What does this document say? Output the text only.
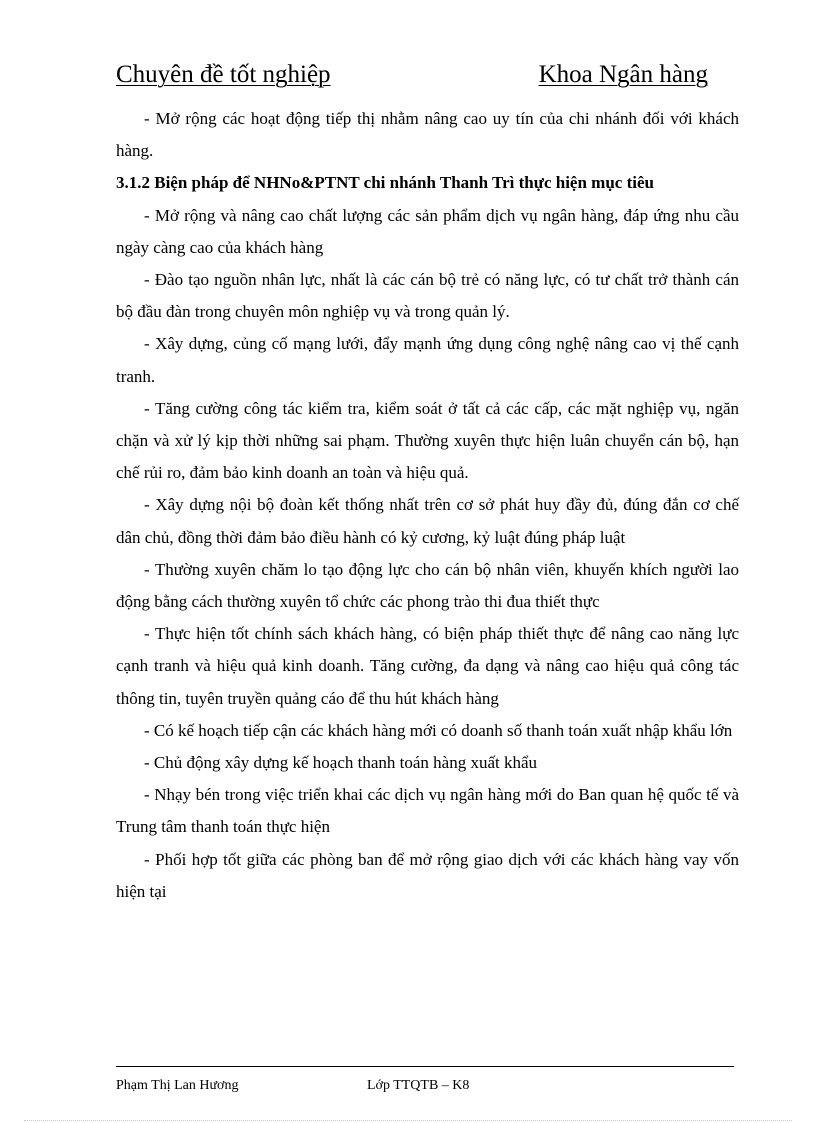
Chuyên đề tốt nghiệp	Khoa Ngân hàng

- Mở rộng các hoạt động tiếp thị nhằm nâng cao uy tín của chi nhánh đối với khách hàng.

3.1.2 Biện pháp để NHNo&PTNT chi nhánh Thanh Trì thực hiện mục tiêu

- Mở rộng và nâng cao chất lượng các sản phẩm dịch vụ ngân hàng, đáp ứng nhu cầu ngày càng cao của khách hàng

- Đào tạo nguồn nhân lực, nhất là các cán bộ trẻ có năng lực, có tư chất trở thành cán bộ đầu đàn trong chuyên môn nghiệp vụ và trong quản lý.

- Xây dựng, củng cố mạng lưới, đẩy mạnh ứng dụng công nghệ nâng cao vị thế cạnh tranh.

- Tăng cường công tác kiểm tra, kiểm soát ở tất cả các cấp, các mặt nghiệp vụ, ngăn chặn và xử lý kịp thời những sai phạm. Thường xuyên thực hiện luân chuyển cán bộ, hạn chế rủi ro, đảm bảo kinh doanh an toàn và hiệu quả.

- Xây dựng nội bộ đoàn kết thống nhất trên cơ sở phát huy đầy đủ, đúng đắn cơ chế dân chủ, đồng thời đảm bảo điều hành có kỷ cương, kỷ luật đúng pháp luật

- Thường xuyên chăm lo tạo động lực cho cán bộ nhân viên, khuyến khích người lao động bằng cách thường xuyên tổ chức các phong trào thi đua thiết thực

- Thực hiện tốt chính sách khách hàng, có biện pháp thiết thực để nâng cao năng lực cạnh tranh và hiệu quả kinh doanh. Tăng cường, đa dạng và nâng cao hiệu quả công tác thông tin, tuyên truyền quảng cáo để thu hút khách hàng

- Có kế hoạch tiếp cận các khách hàng mới có doanh số thanh toán xuất nhập khẩu lớn

- Chủ động xây dựng kế hoạch thanh toán hàng xuất khẩu

- Nhạy bén trong việc triển khai các dịch vụ ngân hàng mới do Ban quan hệ quốc tế và Trung tâm thanh toán thực hiện

- Phối hợp tốt giữa các phòng ban để mở rộng giao dịch với các khách hàng vay vốn hiện tại

Phạm Thị Lan Hương	Lớp TTQTB – K8
